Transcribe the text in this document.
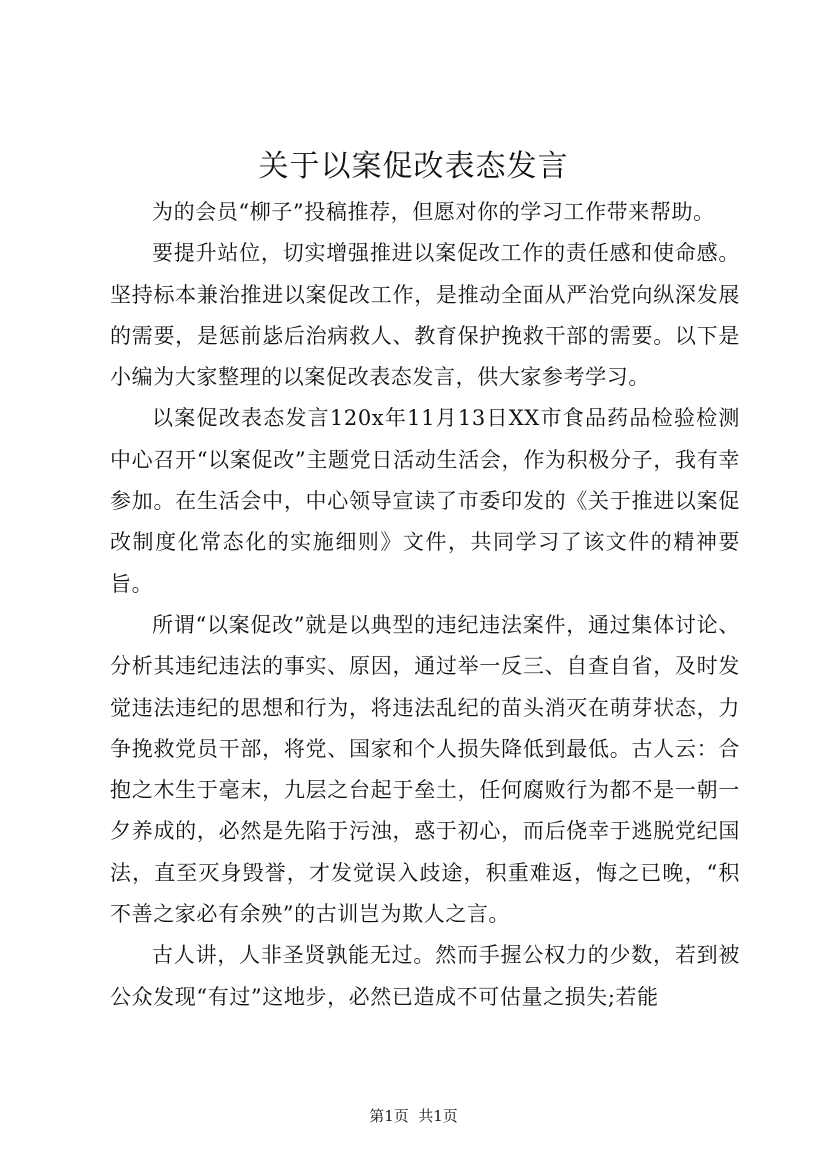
关于以案促改表态发言

为的会员“柳子”投稿推荐，但愿对你的学习工作带来帮助。

要提升站位，切实增强推进以案促改工作的责任感和使命感。坚持标本兼治推进以案促改工作，是推动全面从严治党向纵深发展的需要，是惩前毖后治病救人、教育保护挽救干部的需要。以下是小编为大家整理的以案促改表态发言，供大家参考学习。

以案促改表态发言120x年11月13日XX市食品药品检验检测中心召开“以案促改”主题党日活动生活会，作为积极分子，我有幸参加。在生活会中，中心领导宣读了市委印发的《关于推进以案促改制度化常态化的实施细则》文件，共同学习了该文件的精神要旨。

所谓“以案促改”就是以典型的违纪违法案件，通过集体讨论、分析其违纪违法的事实、原因，通过举一反三、自查自省，及时发觉违法违纪的思想和行为，将违法乱纪的苗头消灭在萌芽状态，力争挽救党员干部，将党、国家和个人损失降低到最低。古人云：合抱之木生于毫末，九层之台起于垒土，任何腐败行为都不是一朝一夕养成的，必然是先陷于污浊，惑于初心，而后侥幸于逃脱党纪国法，直至灭身毁誉，才发觉误入歧途，积重难返，悔之已晚，“积不善之家必有余殃”的古训岂为欺人之言。

古人讲，人非圣贤孰能无过。然而手握公权力的少数，若到被公众发现“有过”这地步，必然已造成不可估量之损失;若能

第1页  共1页
